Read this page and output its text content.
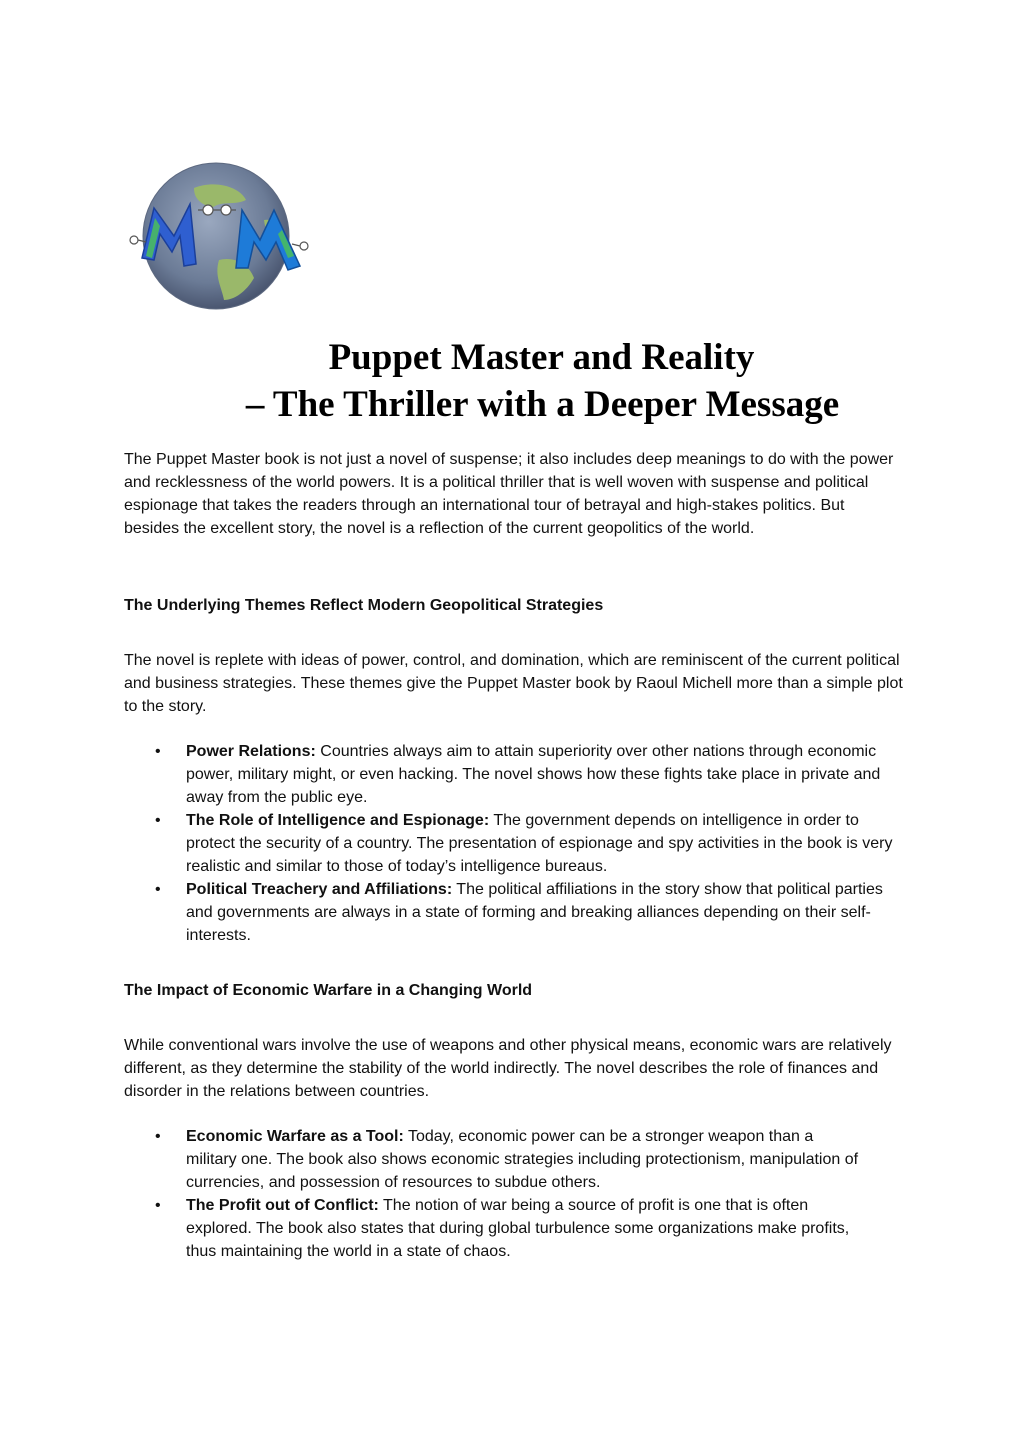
Puppet Master and Reality
– The Thriller with a Deeper Message

The Puppet Master book is not just a novel of suspense; it also includes deep meanings to do with the power and recklessness of the world powers. It is a political thriller that is well woven with suspense and political espionage that takes the readers through an international tour of betrayal and high-stakes politics. But besides the excellent story, the novel is a reflection of the current geopolitics of the world.

The Underlying Themes Reflect Modern Geopolitical Strategies
The novel is replete with ideas of power, control, and domination, which are reminiscent of the current political and business strategies. These themes give the Puppet Master book by Raoul Michell more than a simple plot to the story.
• Power Relations: Countries always aim to attain superiority over other nations through economic power, military might, or even hacking. The novel shows how these fights take place in private and away from the public eye.
• The Role of Intelligence and Espionage: The government depends on intelligence in order to protect the security of a country. The presentation of espionage and spy activities in the book is very realistic and similar to those of today’s intelligence bureaus.
• Political Treachery and Affiliations: The political affiliations in the story show that political parties and governments are always in a state of forming and breaking alliances depending on their self-interests.
The Impact of Economic Warfare in a Changing World
While conventional wars involve the use of weapons and other physical means, economic wars are relatively different, as they determine the stability of the world indirectly. The novel describes the role of finances and disorder in the relations between countries.
• Economic Warfare as a Tool: Today, economic power can be a stronger weapon than a military one. The book also shows economic strategies including protectionism, manipulation of currencies, and possession of resources to subdue others.
• The Profit out of Conflict: The notion of war being a source of profit is one that is often explored. The book also states that during global turbulence some organizations make profits, thus maintaining the world in a state of chaos.
